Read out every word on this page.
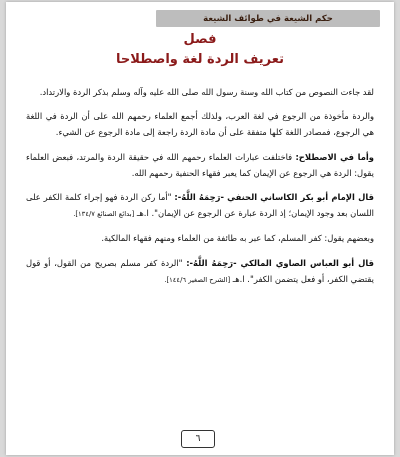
حكم الشيعة في طوائف الشيعة
فصل
تعريف الردة لغة واصطلاحا

لقد جاءت النصوص من كتاب الله وسنة رسول الله صلى الله عليه وآله وسلم بذكر الردة والارتداد.

والردة مأخوذة من الرجوع في لغة العرب، ولذلك أجمع العلماء رحمهم الله على أن الردة في اللغة هي الرجوع، فمصادر اللغة كلها متفقة على أن مادة الردة راجعة إلى مادة الرجوع عن الشيء.

وأما في الاصطلاح: فاختلفت عبارات العلماء رحمهم الله في حقيقة الردة والمرتد، فبعض العلماء يقول: الردة هي الرجوع عن الإيمان كما يعبر فقهاء الحنفية رحمهم الله.

قال الإمام أبو بكر الكاساني الحنفي -رَحِمَهُ اللَّهُ-: "أما ركن الردة فهو إجراء كلمة الكفر على اللسان بعد وجود الإيمان؛ إذ الردة عبارة عن الرجوع عن الإيمان". ا.هـ [بدائع الصنائع ١٣٤/٧].

وبعضهم يقول: كفر المسلم، كما عبر به طائفة من العلماء ومنهم فقهاء المالكية.

قال أبو العباس الصاوي المالكي -رَحِمَهُ اللَّهُ-: "الردة كفر مسلم بصريح من القول، أو قول يقتضي الكفر، أو فعل يتضمن الكفر". ا.هـ [الشرح الصغير ١٤٤/٦].

٦
